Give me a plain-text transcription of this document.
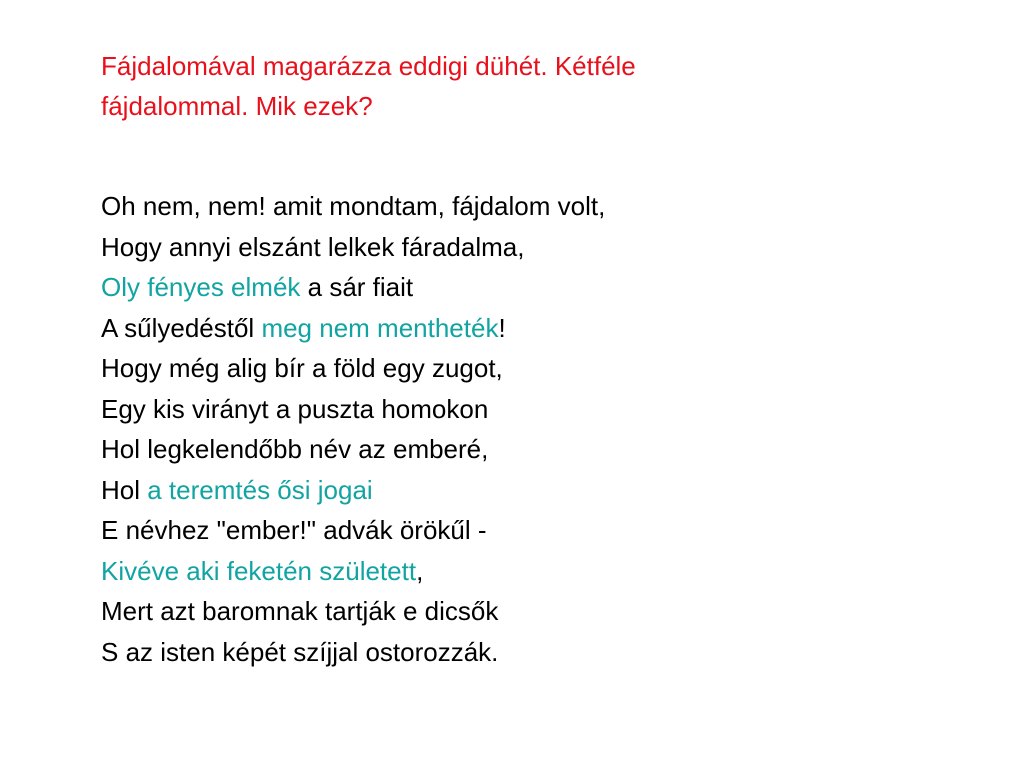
Fájdalomával magarázza eddigi dühét. Kétféle
fájdalommal. Mik ezek?
Oh nem, nem! amit mondtam, fájdalom volt,
Hogy annyi elszánt lelkek fáradalma,
Oly fényes elmék a sár fiait
A sűlyedéstől meg nem mentheték!
Hogy még alig bír a föld egy zugot,
Egy kis virányt a puszta homokon
Hol legkelendőbb név az emberé,
Hol a teremtés ősi jogai
E névhez "ember!" advák örökűl -
Kivéve aki feketén született,
Mert azt baromnak tartják e dicsők
S az isten képét szíjjal ostorozzák.
